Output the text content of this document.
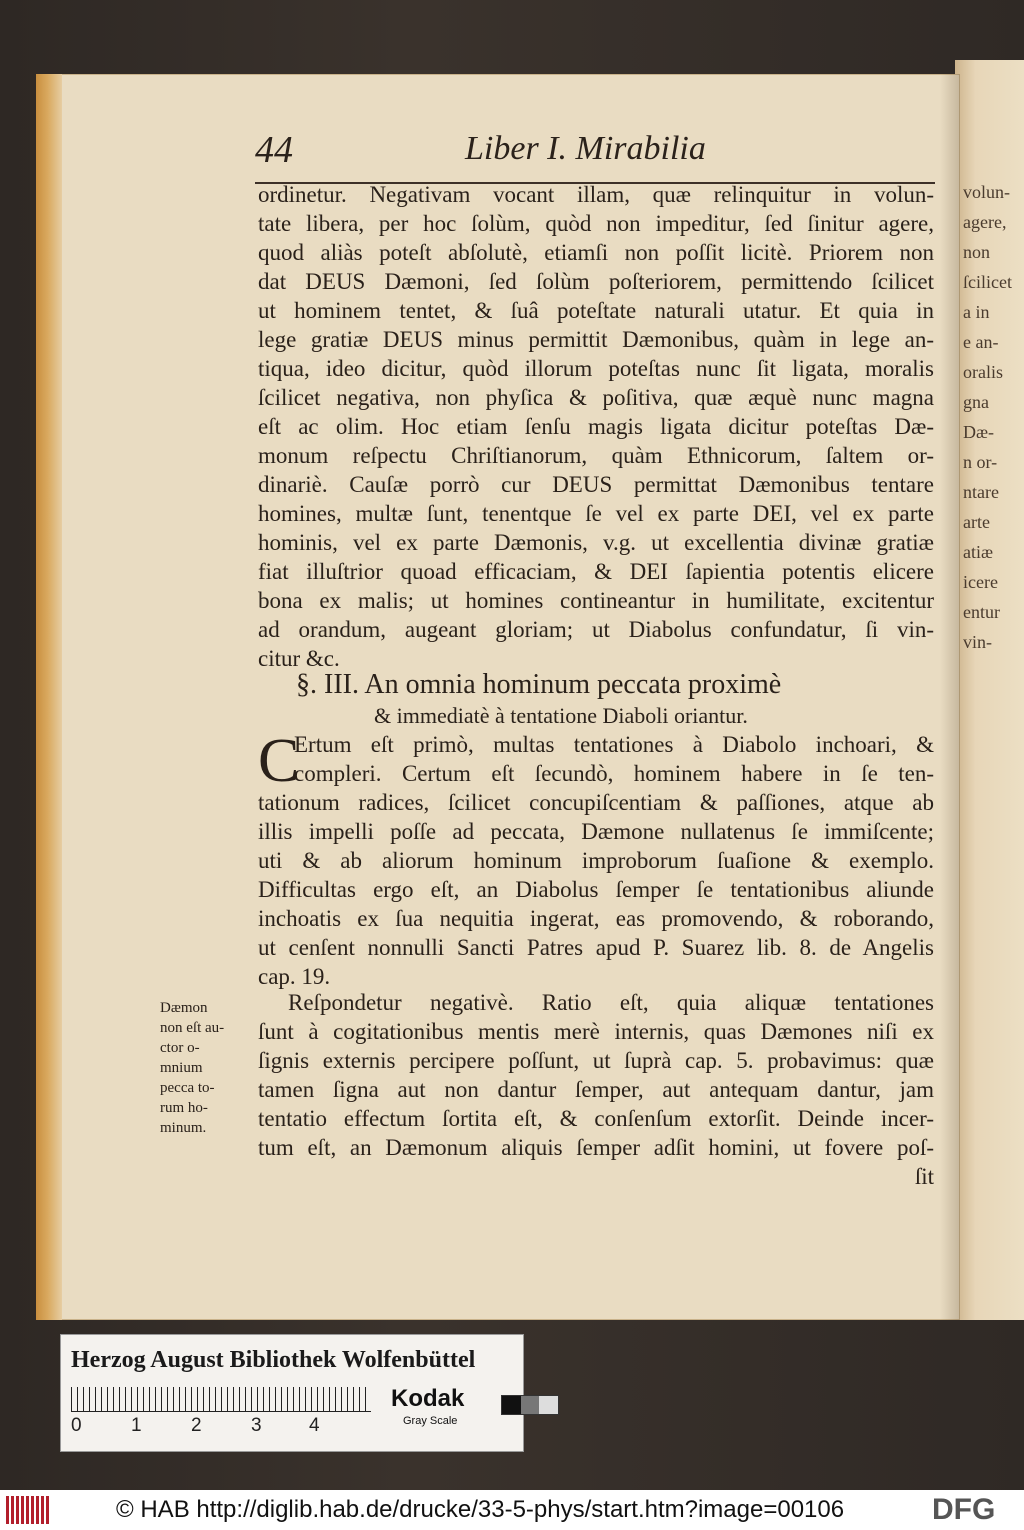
volun-
agere,
non
ſcilicet
a in
e an-
oralis
gna
Dæ-
n or-
ntare
arte
atiæ
icere
entur
vin-
44	Liber I. Mirabilia
ordinetur. Negativam vocant illam, quæ relinquitur in volun-
tate libera, per hoc ſolùm, quòd non impeditur, ſed ſinitur agere,
quod aliàs poteſt abſolutè, etiamſi non poſſit licitè. Priorem non
dat DEUS Dæmoni, ſed ſolùm poſteriorem, permittendo ſcilicet
ut hominem tentet, & ſuâ poteſtate naturali utatur. Et quia in
lege gratiæ DEUS minus permittit Dæmonibus, quàm in lege an-
tiqua, ideo dicitur, quòd illorum poteſtas nunc ſit ligata, moralis
ſcilicet negativa, non phyſica & poſitiva, quæ æquè nunc magna
eſt ac olim. Hoc etiam ſenſu magis ligata dicitur poteſtas Dæ-
monum reſpectu Chriſtianorum, quàm Ethnicorum, ſaltem or-
dinariè. Cauſæ porrò cur DEUS permittat Dæmonibus tentare
homines, multæ ſunt, tenentque ſe vel ex parte DEI, vel ex parte
hominis, vel ex parte Dæmonis, v.g. ut excellentia divinæ gratiæ
fiat illuſtrior quoad efficaciam, & DEI ſapientia potentis elicere
bona ex malis; ut homines contineantur in humilitate, excitentur
ad orandum, augeant gloriam; ut Diabolus confundatur, ſi vin-
citur &c.
§. III. An omnia hominum peccata proximè
& immediatè à tentatione Diaboli oriantur.
C
Ertum eſt primò, multas tentationes à Diabolo inchoari, &
compleri. Certum eſt ſecundò, hominem habere in ſe ten-
tationum radices, ſcilicet concupiſcentiam & paſſiones, atque ab
illis impelli poſſe ad peccata, Dæmone nullatenus ſe immiſcente;
uti & ab aliorum hominum improborum ſuaſione & exemplo.
Difficultas ergo eſt, an Diabolus ſemper ſe tentationibus aliunde
inchoatis ex ſua nequitia ingerat, eas promovendo, & roborando,
ut cenſent nonnulli Sancti Patres apud P. Suarez lib. 8. de Angelis
cap. 19.
Reſpondetur negativè. Ratio eſt, quia aliquæ tentationes
ſunt à cogitationibus mentis merè internis, quas Dæmones niſi ex
ſignis externis percipere poſſunt, ut ſuprà cap. 5. probavimus: quæ
tamen ſigna aut non dantur ſemper, aut antequam dantur, jam
tentatio effectum ſortita eſt, & conſenſum extorſit. Deinde incer-
tum eſt, an Dæmonum aliquis ſemper adſit homini, ut fovere poſ-
ſit
Dæmon
non eſt au-
ctor o-
mnium
pecca to-
rum ho-
minum.
Herzog August Bibliothek Wolfenbüttel
0	1	2	3 4
Kodak
Gray Scale
© HAB http://diglib.hab.de/drucke/33-5-phys/start.htm?image=00106	DFG
